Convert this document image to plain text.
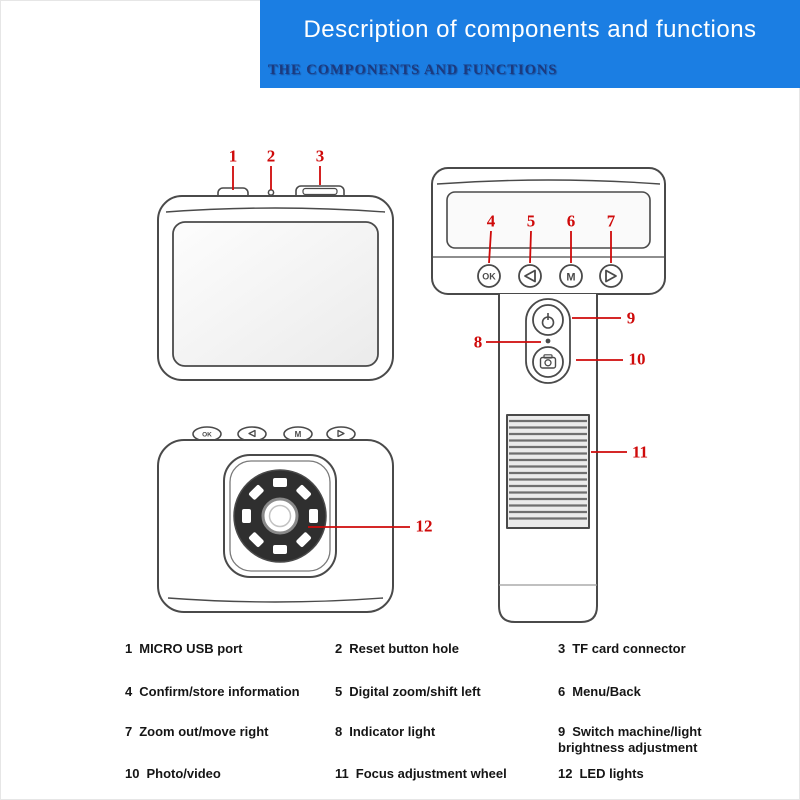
Description of components and functions
THE COMPONENTS AND FUNCTIONS
OK	M
OK	M
1 2 3
4 5 6 7
8
9
10
11
12
1 MICRO USB port	2 Reset button hole	3 TF card connector
4 Confirm/store information	5 Digital zoom/shift left	6 Menu/Back
7 Zoom out/move right	8 Indicator light	9 Switch machine/light brightness adjustment
10 Photo/video	11 Focus adjustment wheel	12 LED lights
